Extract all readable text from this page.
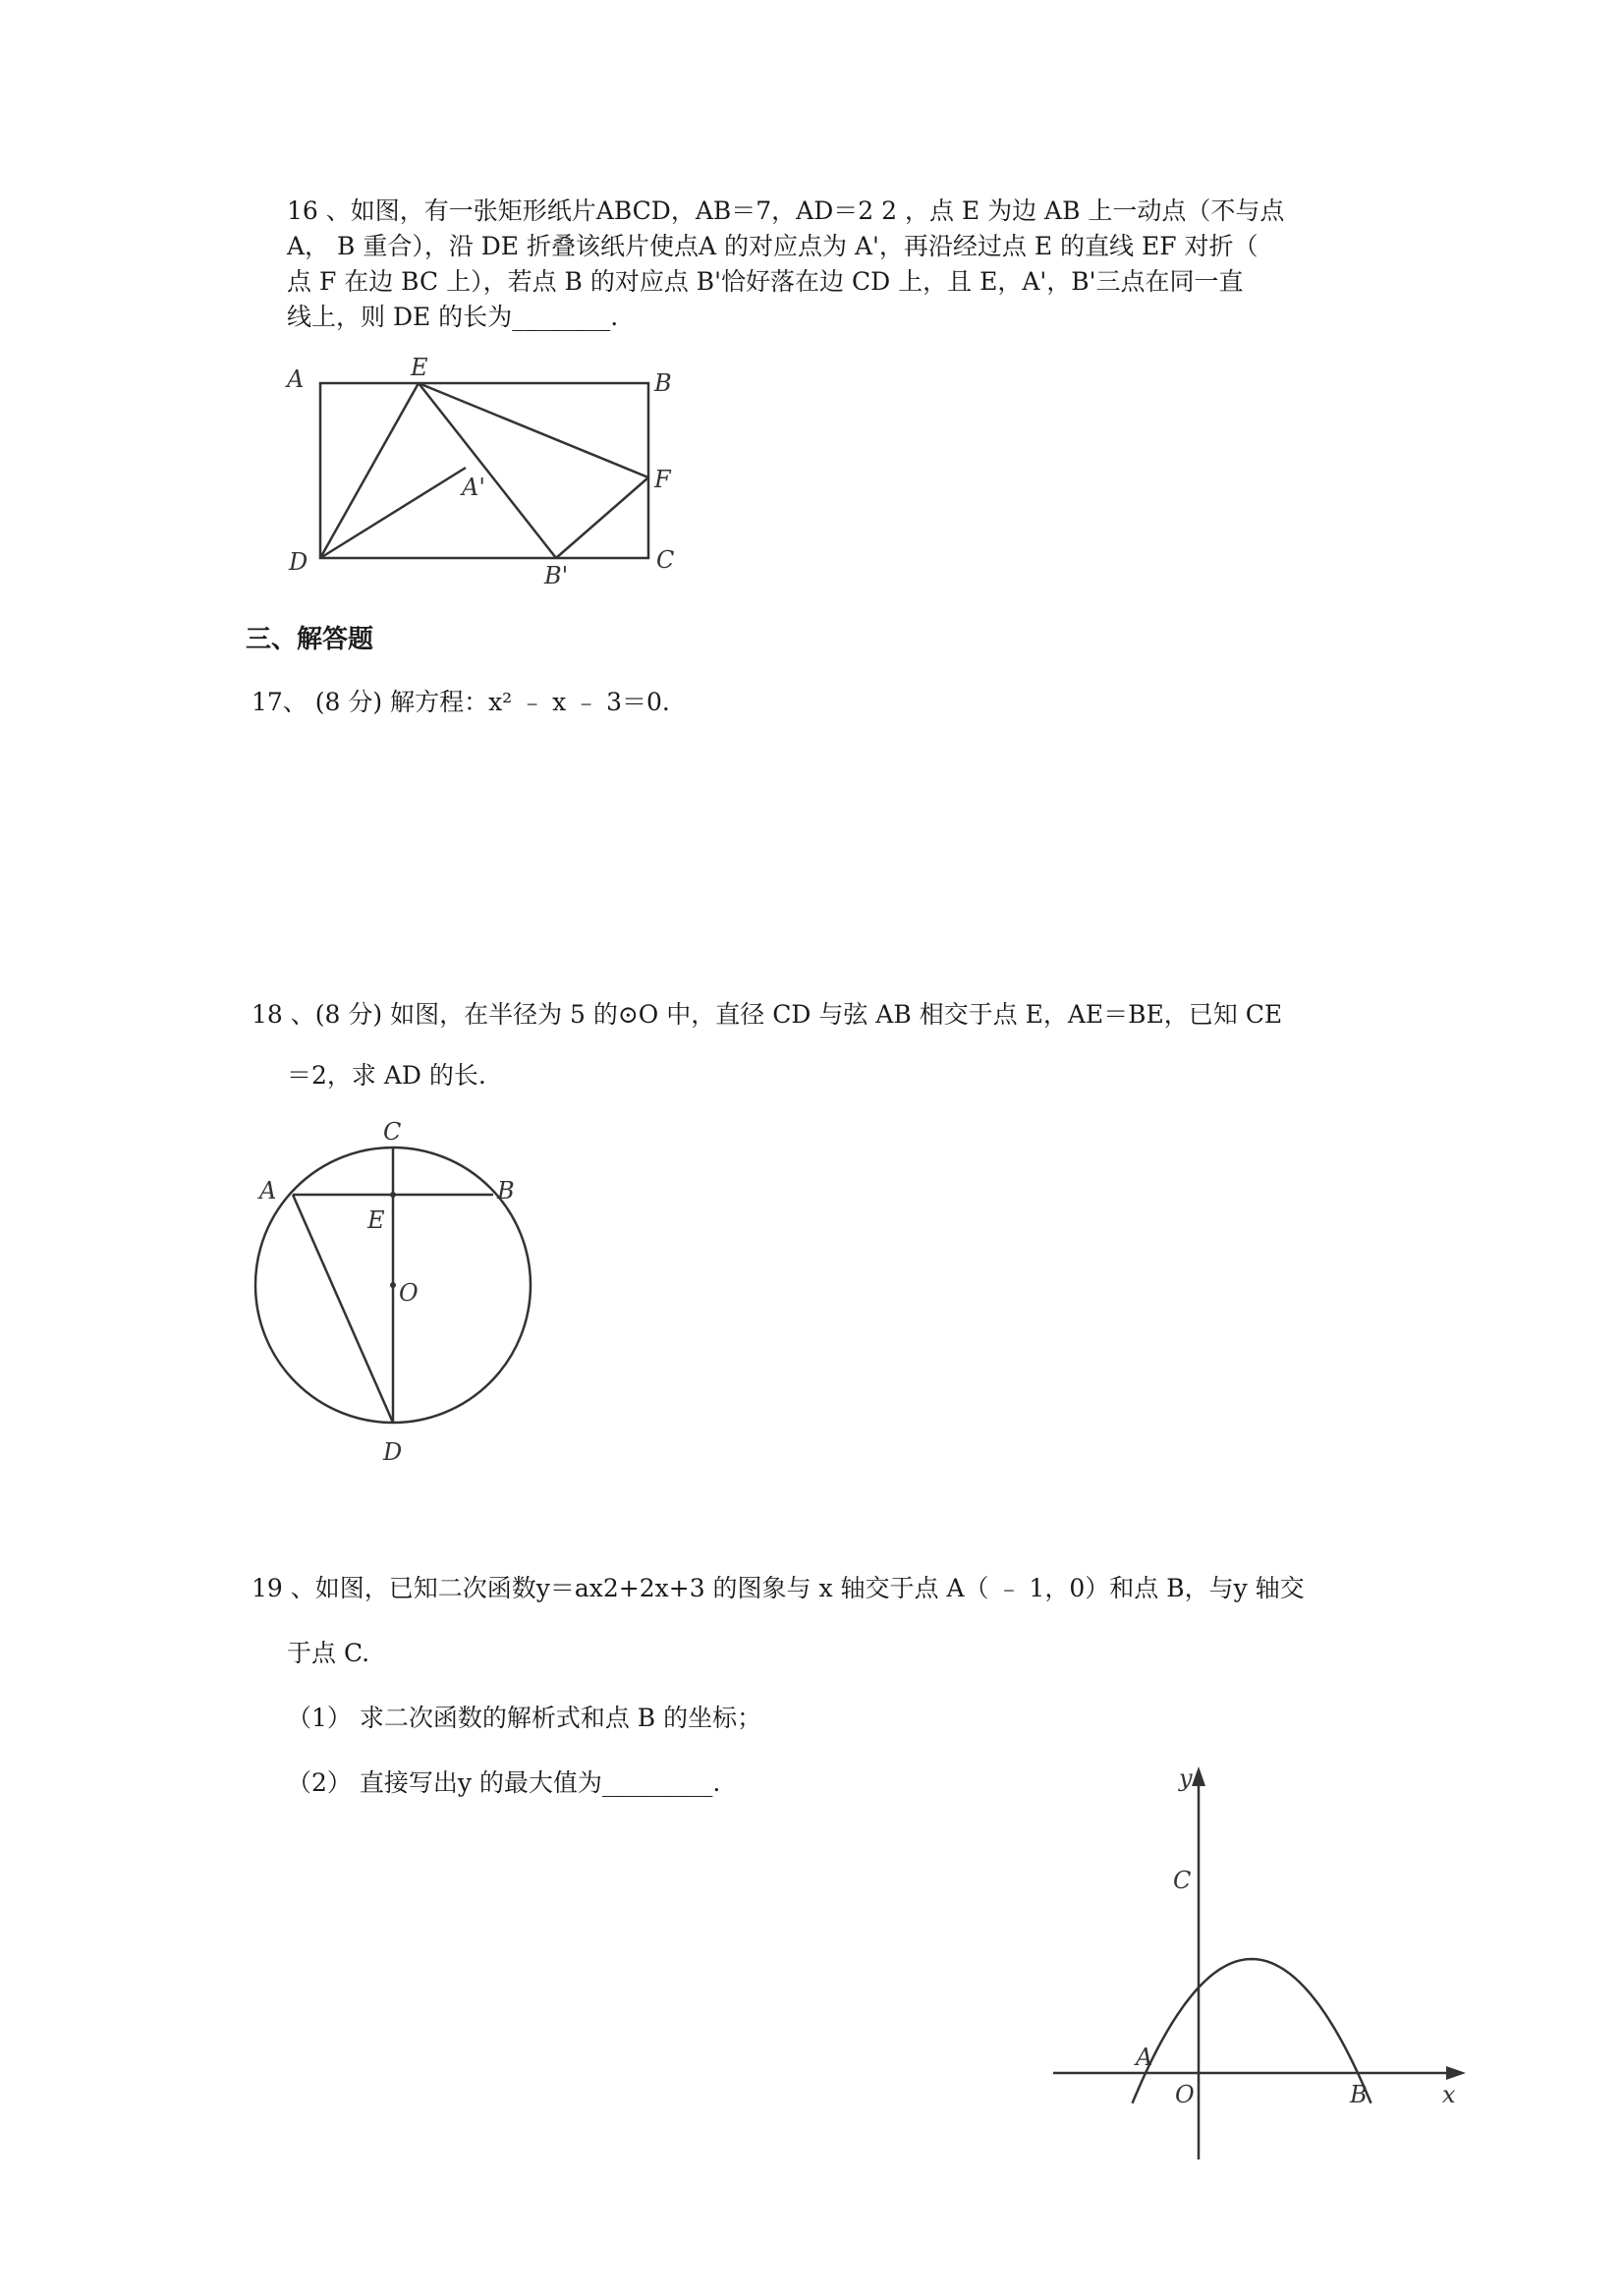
16 、如图，有一张矩形纸片ABCD，AB＝7，AD＝2 2 ，点 E 为边 AB 上一动点（不与点
A， B 重合），沿 DE 折叠该纸片使点A 的对应点为 A'，再沿经过点 E 的直线 EF 对折（
点 F 在边 BC 上），若点 B 的对应点 B'恰好落在边 CD 上，且 E，A'，B'三点在同一直
线上，则 DE 的长为________.
A	B
C
D
E
F
A'
B'
三、解答题
17、 (8 分) 解方程：x² ﹣ x ﹣ 3＝0.
18 、(8 分) 如图，在半径为 5 的⊙O 中，直径 CD 与弦 AB 相交于点 E，AE＝BE，已知 CE
＝2，求 AD 的长.
C
A	B
E
O
D
19 、如图，已知二次函数y＝ax2+2x+3 的图象与 x 轴交于点 A（ ﹣ 1，0）和点 B，与y 轴交
于点 C.
（1） 求二次函数的解析式和点 B 的坐标；
（2） 直接写出y 的最大值为_________.	y
x
C
A
O	B
